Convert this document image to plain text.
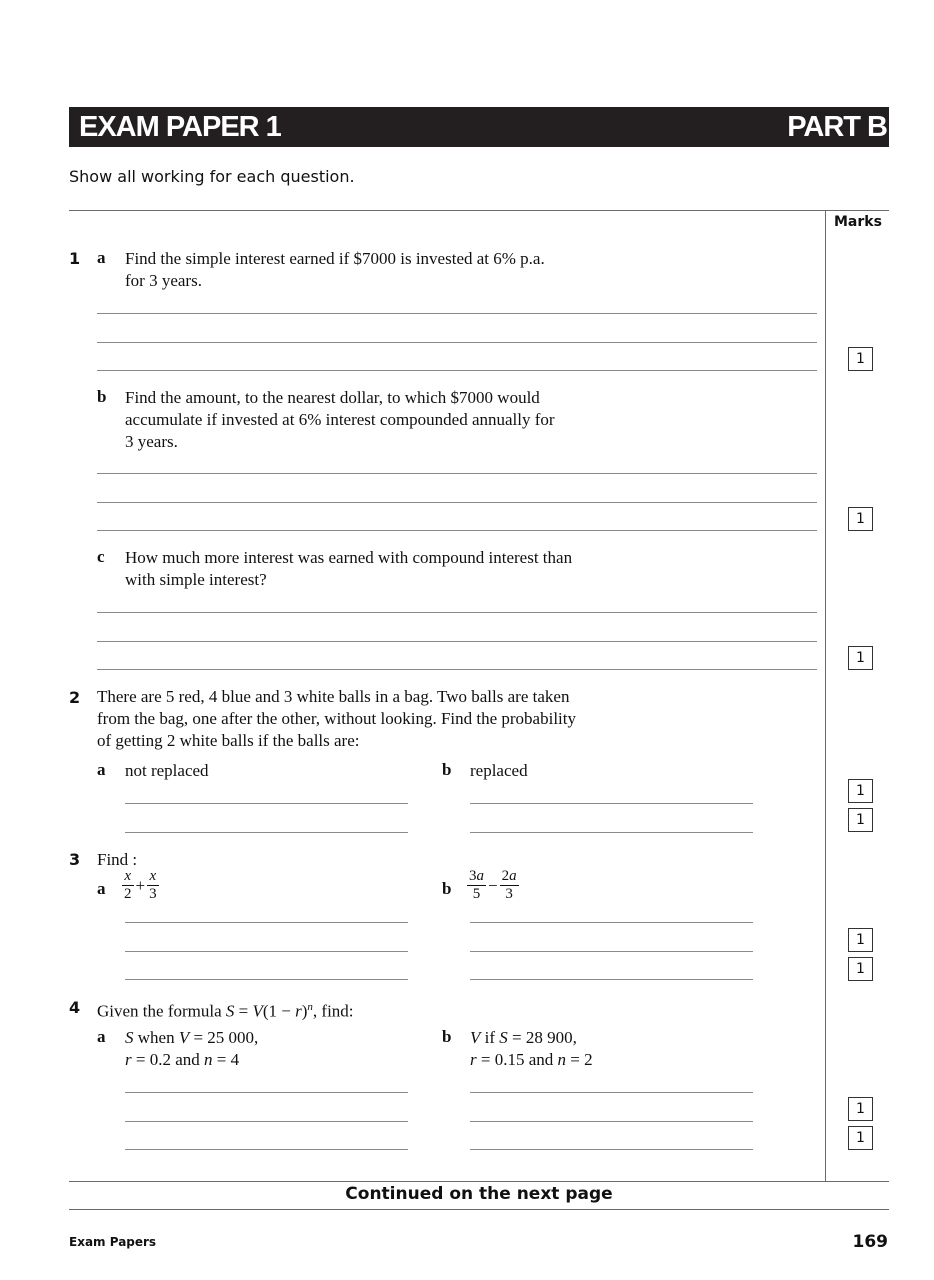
EXAM PAPER 1	PART B
Show all working for each question.
Marks
1 a Find the simple interest earned if $7000 is invested at 6% p.a.
for 3 years.
1
b Find the amount, to the nearest dollar, to which $7000 would
accumulate if invested at 6% interest compounded annually for
3 years.
1
c How much more interest was earned with compound interest than
with simple interest?
1
2 There are 5 red, 4 blue and 3 white balls in a bag. Two balls are taken
from the bag, one after the other, without looking. Find the probability
of getting 2 white balls if the balls are:
a not replaced	b replaced
1
1
3 Find :
a $\frac{x}{2} + \frac{x}{3}$	b $\frac{3a}{5} - \frac{2a}{3}$
1
1
4 Given the formula $S = V(1 - r)^n$, find:
a S when V = 25 000,
r = 0.2 and n = 4
b V if S = 28 900,
r = 0.15 and n = 2
1
1
Continued on the next page
Exam Papers	169
